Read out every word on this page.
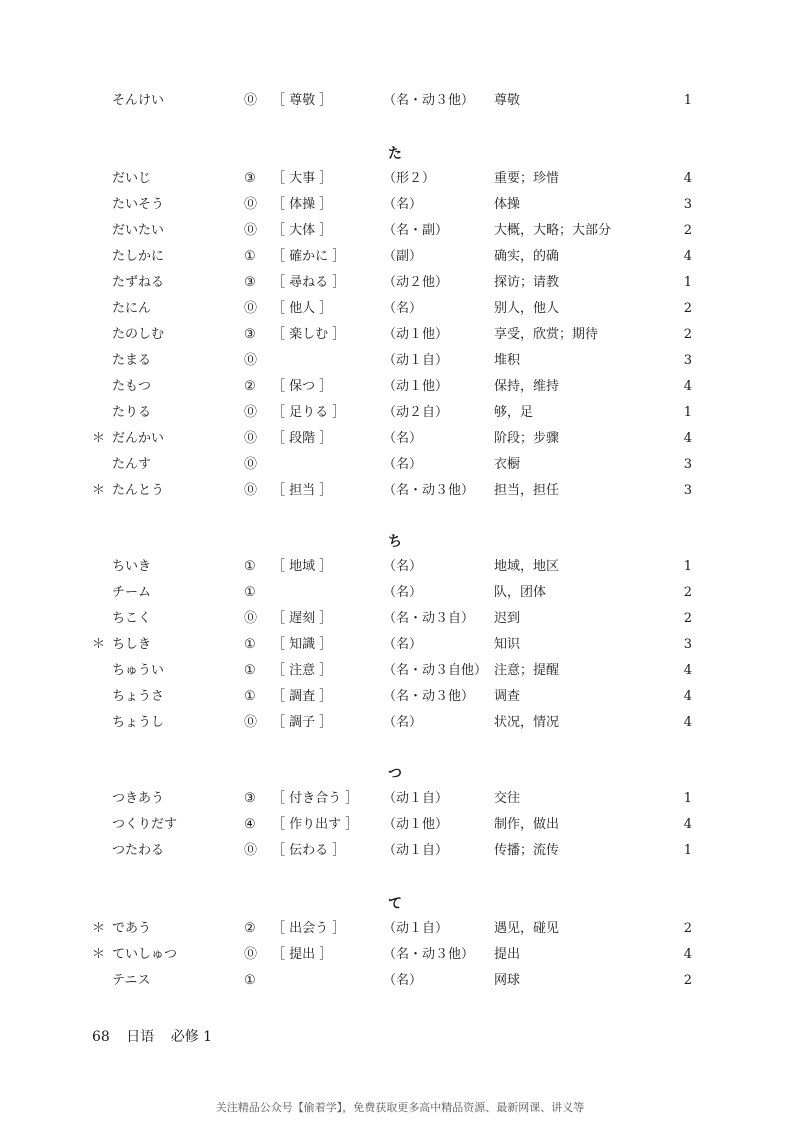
そんけい	⓪ ［ 尊敬 ］	（名・动３他） 尊敬	1
た
だいじ	③ ［ 大事 ］	（形２）	重要；珍惜	4
たいそう	⓪ ［ 体操 ］	（名）	体操	3
だいたい	⓪ ［ 大体 ］	（名・副）	大概，大略；大部分	2
たしかに	① ［ 確かに ］	（副）	确实，的确	4
たずねる	③ ［ 尋ねる ］	（动２他）	探访；请教	1
たにん	⓪ ［ 他人 ］	（名）	别人，他人	2
たのしむ	③ ［ 楽しむ ］	（动１他）	享受，欣赏；期待	2
たまる	⓪	（动１自）	堆积	3
たもつ	② ［ 保つ ］	（动１他）	保持，维持	4
たりる	⓪ ［ 足りる ］	（动２自）	够，足	1
＊ だんかい	⓪ ［ 段階 ］	（名）	阶段；步骤	4
たんす	⓪	（名）	衣橱	3
＊ たんとう	⓪ ［ 担当 ］	（名・动３他） 担当，担任	3
ち
ちいき	① ［ 地域 ］	（名）	地域，地区	1
チーム	①	（名）	队，团体	2
ちこく	⓪ ［ 遅刻 ］	（名・动３自） 迟到	2
＊ ちしき	① ［ 知識 ］	（名）	知识	3
ちゅうい	① ［ 注意 ］	（名・动３自他） 注意；提醒	4
ちょうさ	① ［ 調査 ］	（名・动３他） 调查	4
ちょうし	⓪ ［ 調子 ］	（名）	状况，情况	4
つ
つきあう	③ ［ 付き合う ］ （动１自）	交往	1
つくりだす	④ ［ 作り出す ］ （动１他）	制作，做出	4
つたわる	⓪ ［ 伝わる ］	（动１自）	传播；流传	1
て
＊ であう	② ［ 出会う ］	（动１自）	遇见，碰见	2
＊ ていしゅつ	⓪ ［ 提出 ］	（名・动３他） 提出	4
テニス	①	（名）	网球	2
68 日语 必修 1
关注精品公众号【偷着学】，免费获取更多高中精品资源、最新网课、讲义等
